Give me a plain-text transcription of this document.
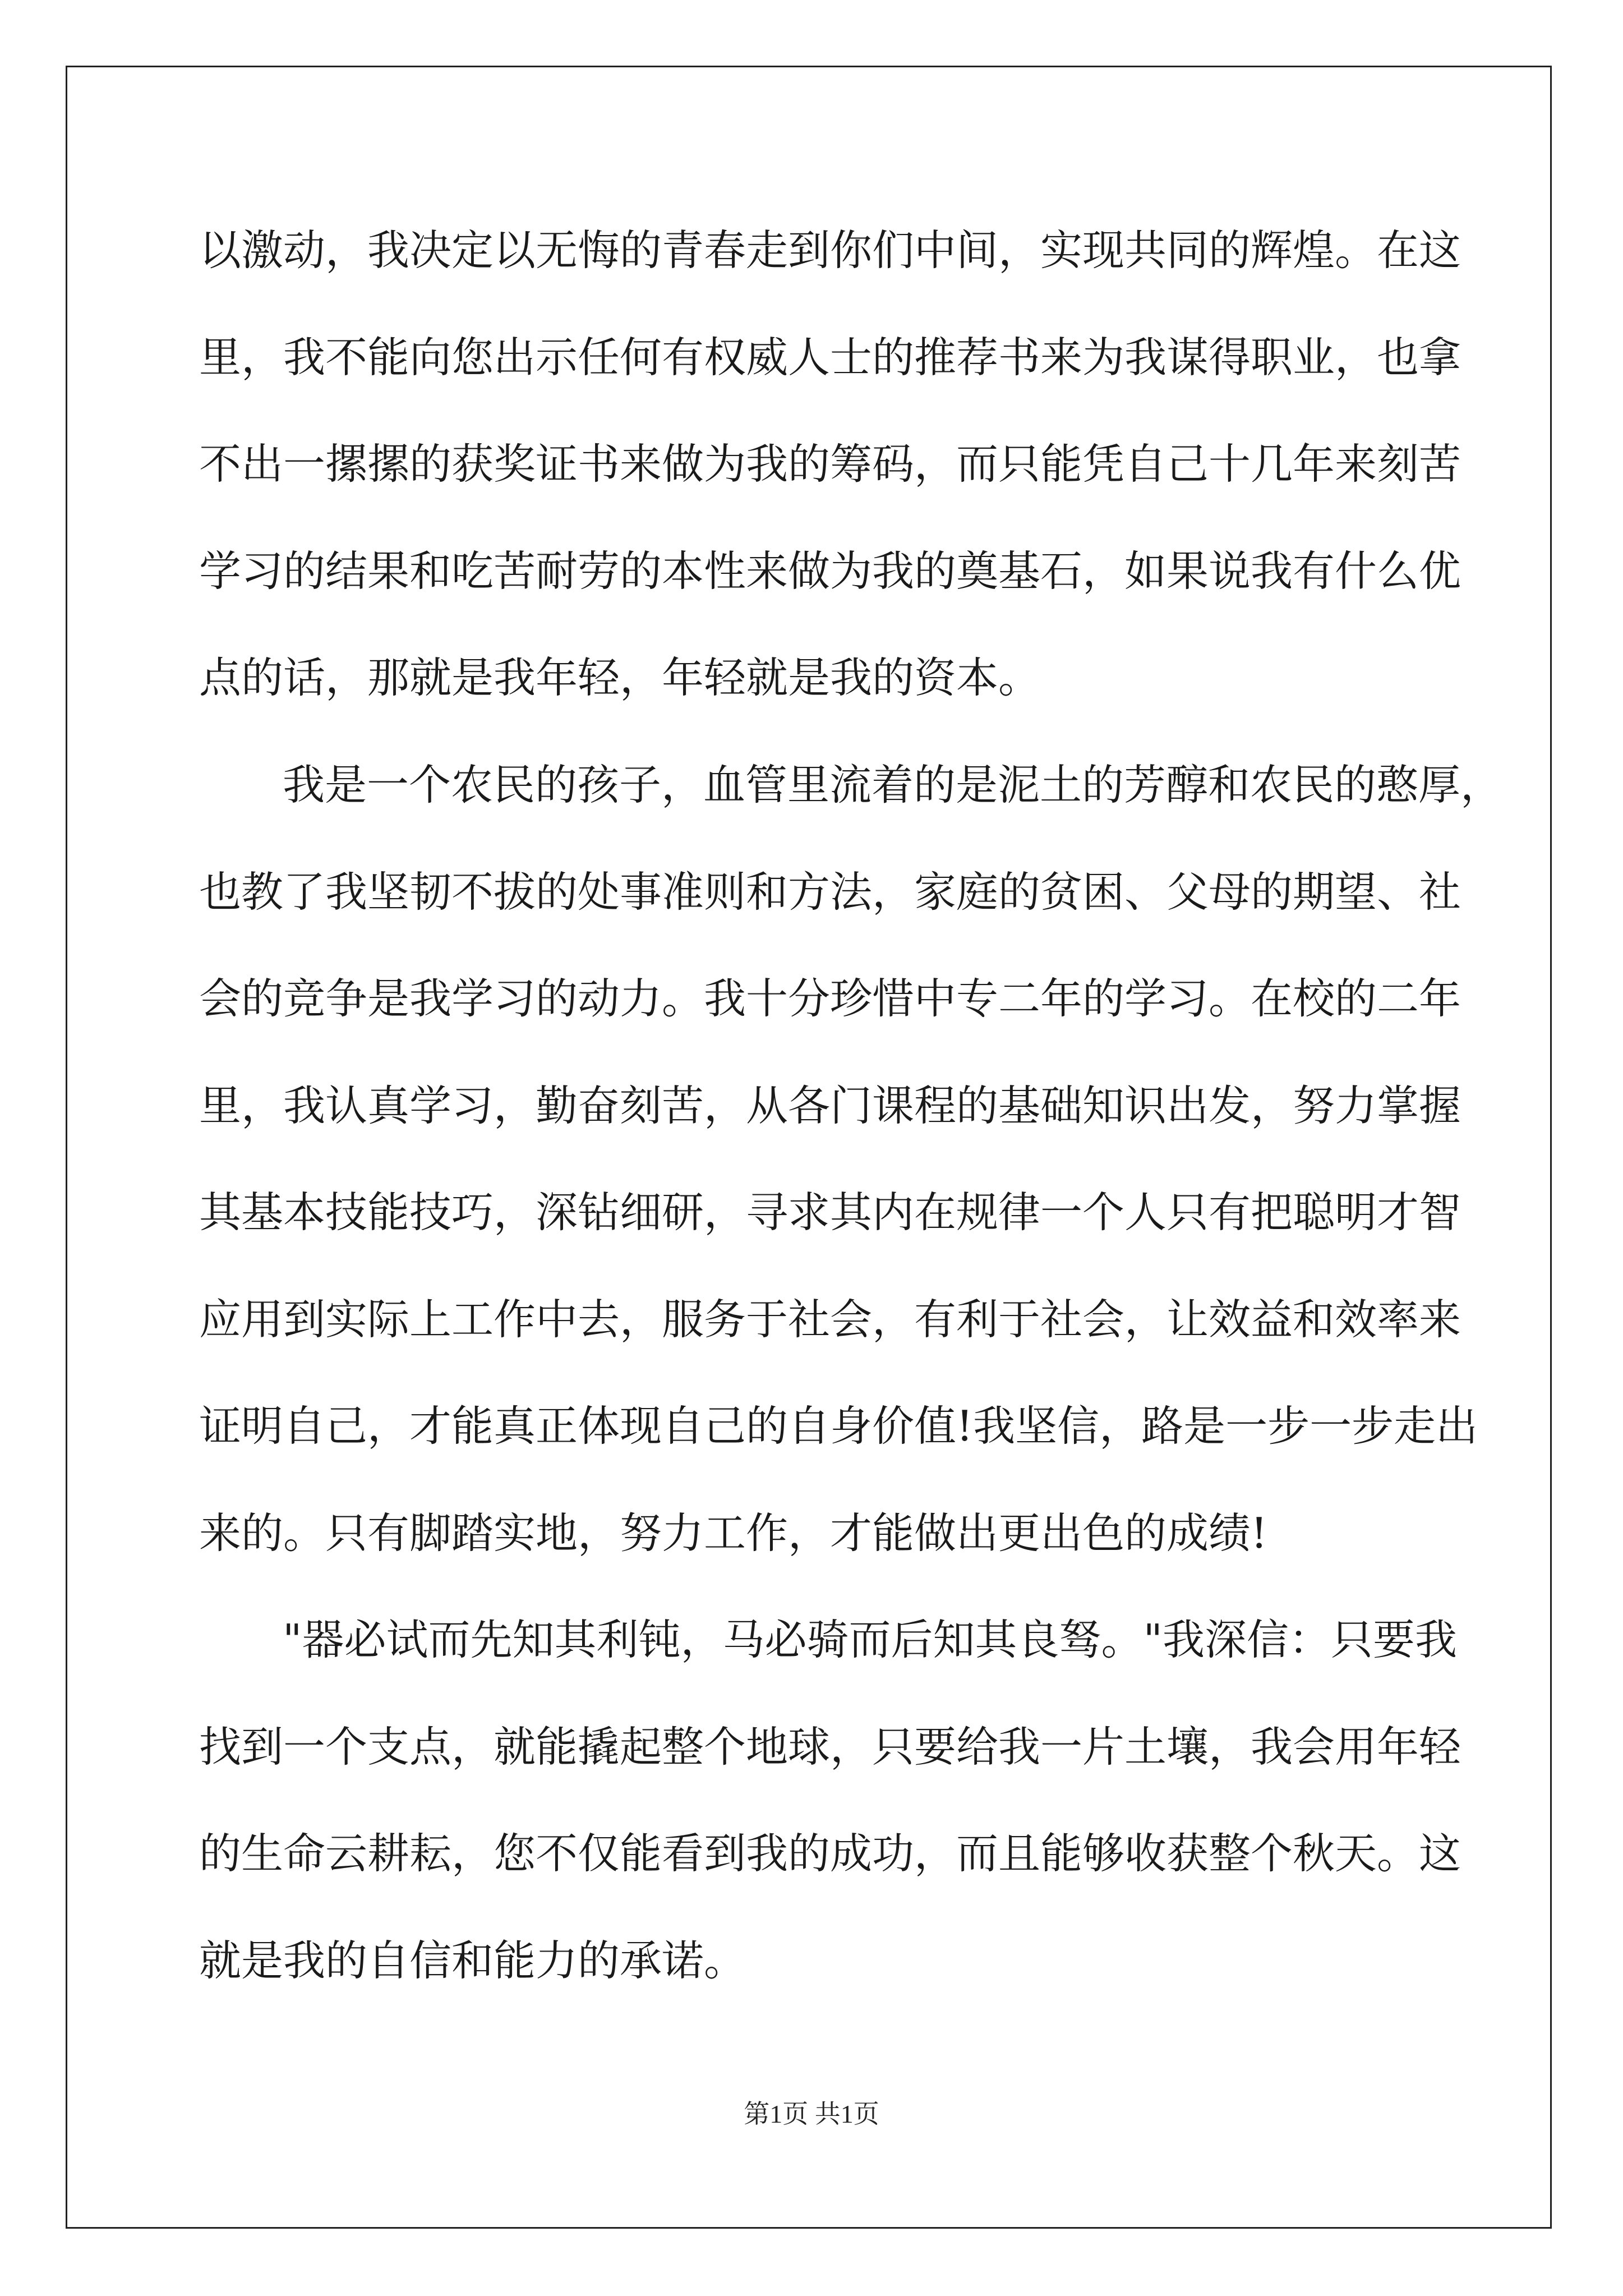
以激动，我决定以无悔的青春走到你们中间，实现共同的辉煌。在这
里，我不能向您出示任何有权威人士的推荐书来为我谋得职业，也拿
不出一摞摞的获奖证书来做为我的筹码，而只能凭自己十几年来刻苦
学习的结果和吃苦耐劳的本性来做为我的奠基石，如果说我有什么优
点的话，那就是我年轻，年轻就是我的资本。
我是一个农民的孩子，血管里流着的是泥土的芳醇和农民的憨厚，
也教了我坚韧不拔的处事准则和方法，家庭的贫困、父母的期望、社
会的竞争是我学习的动力。我十分珍惜中专二年的学习。在校的二年
里，我认真学习，勤奋刻苦，从各门课程的基础知识出发，努力掌握
其基本技能技巧，深钻细研，寻求其内在规律一个人只有把聪明才智
应用到实际上工作中去，服务于社会，有利于社会，让效益和效率来
证明自己，才能真正体现自己的自身价值!我坚信，路是一步一步走出
来的。只有脚踏实地，努力工作，才能做出更出色的成绩!
"器必试而先知其利钝，马必骑而后知其良驽。"我深信：只要我
找到一个支点，就能撬起整个地球，只要给我一片土壤，我会用年轻
的生命云耕耘，您不仅能看到我的成功，而且能够收获整个秋天。这
就是我的自信和能力的承诺。
第1页 共1页
